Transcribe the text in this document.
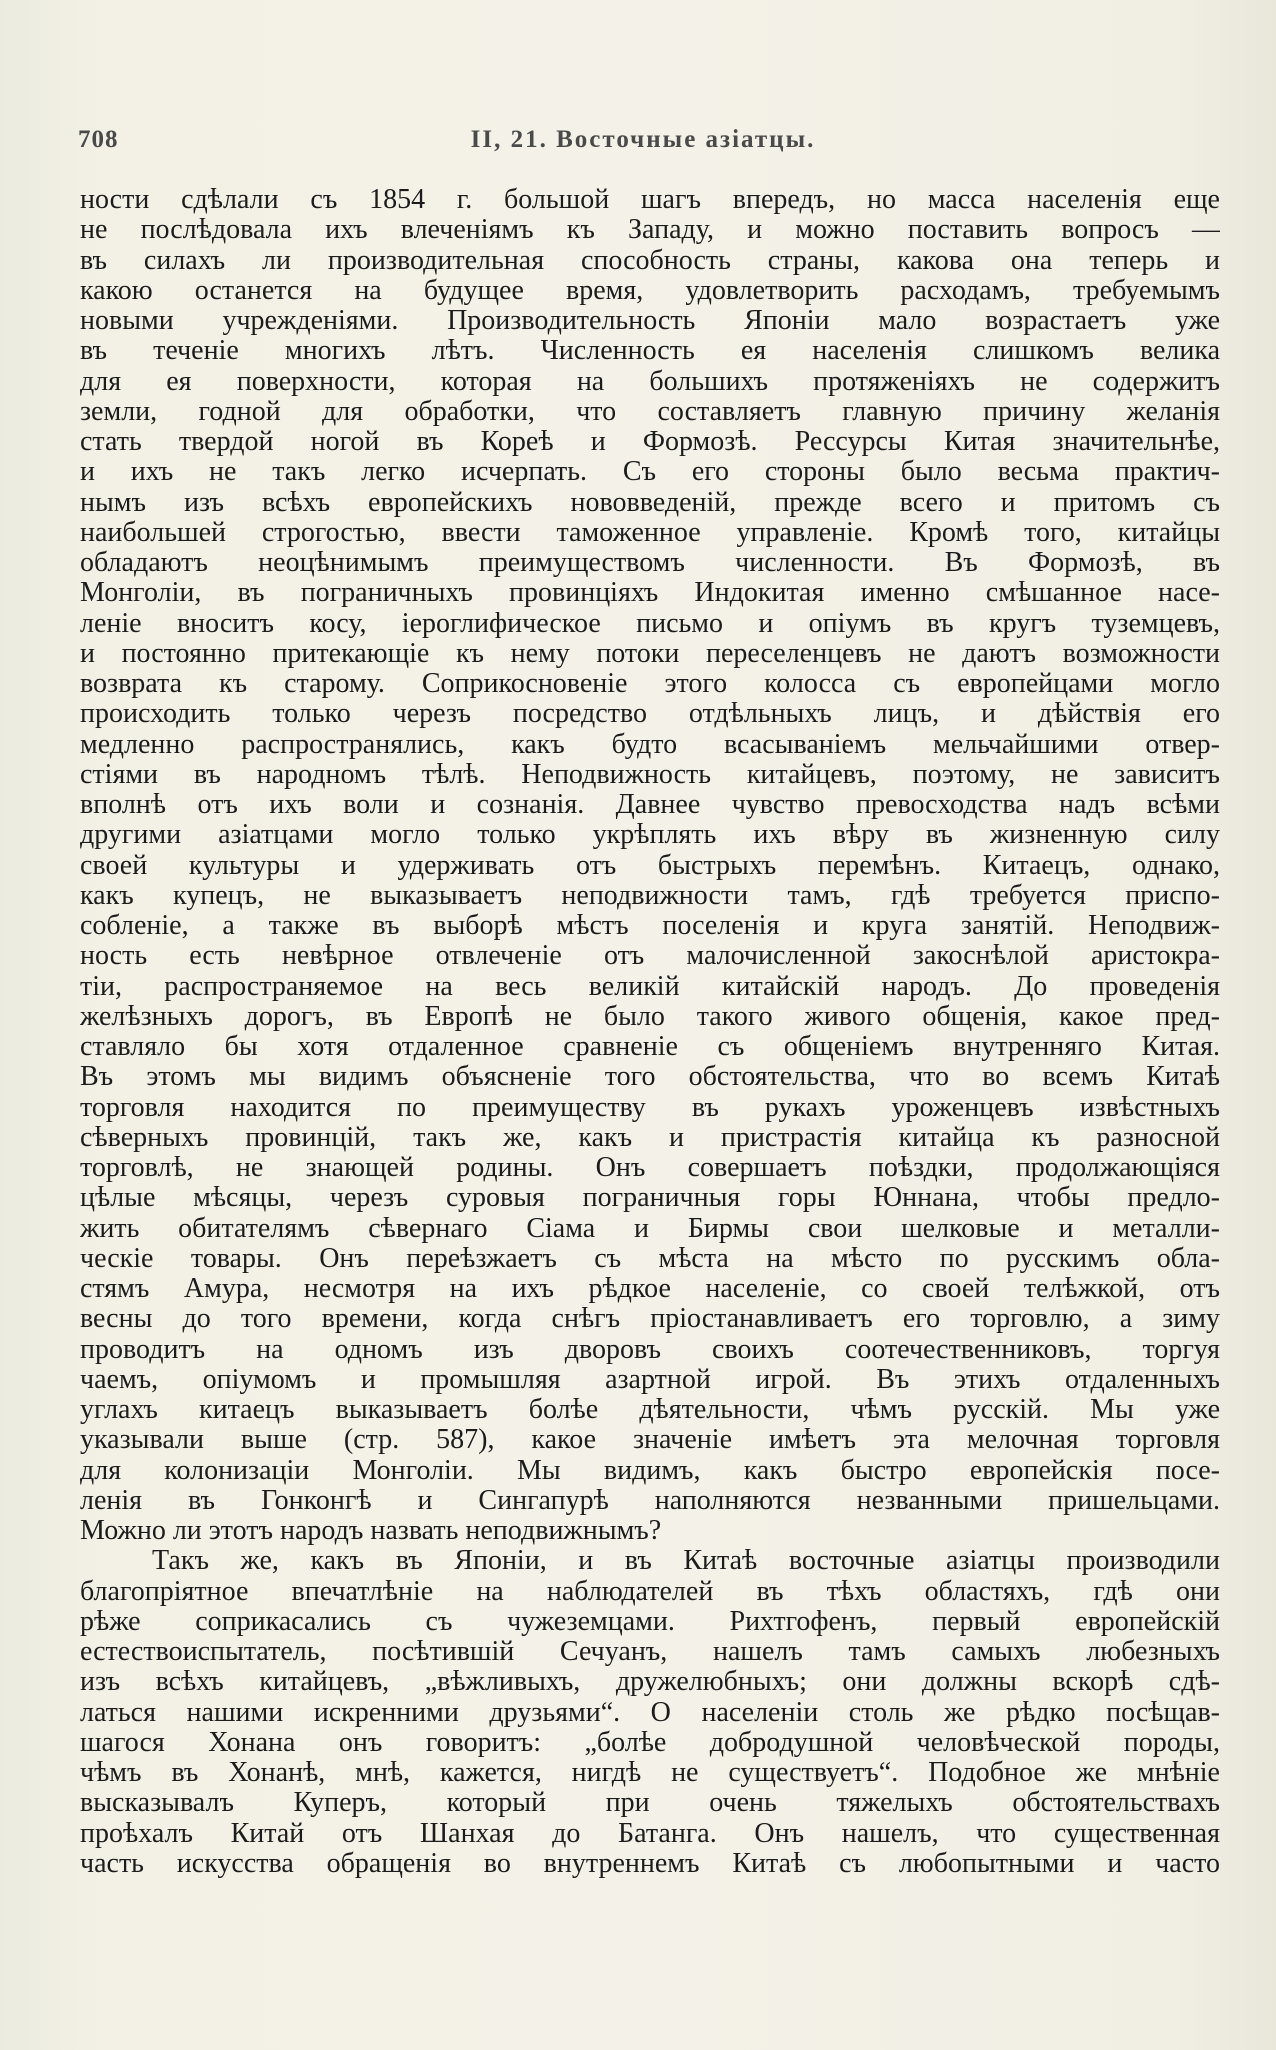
708	II, 21. Восточные азіатцы.
ности сдѣлали съ 1854 г. большой шагъ впередъ, но масса населенія еще
не послѣдовала ихъ влеченіямъ къ Западу, и можно поставить вопросъ —
въ силахъ ли производительная способность страны, какова она теперь и
какою останется на будущее время, удовлетворить расходамъ, требуемымъ
новыми учрежденіями. Производительность Японіи мало возрастаетъ уже
въ теченіе многихъ лѣтъ. Численность ея населенія слишкомъ велика
для ея поверхности, которая на большихъ протяженіяхъ не содержитъ
земли, годной для обработки, что составляетъ главную причину желанія
стать твердой ногой въ Кореѣ и Формозѣ. Рессурсы Китая значительнѣе,
и ихъ не такъ легко исчерпать. Съ его стороны было весьма практич-
нымъ изъ всѣхъ европейскихъ нововведеній, прежде всего и притомъ съ
наибольшей строгостью, ввести таможенное управленіе. Кромѣ того, китайцы
обладаютъ неоцѣнимымъ преимуществомъ численности. Въ Формозѣ, въ
Монголіи, въ пограничныхъ провинціяхъ Индокитая именно смѣшанное насе-
леніе вноситъ косу, іероглифическое письмо и опіумъ въ кругъ туземцевъ,
и постоянно притекающіе къ нему потоки переселенцевъ не даютъ возможности
возврата къ старому. Соприкосновеніе этого колосса съ европейцами могло
происходить только черезъ посредство отдѣльныхъ лицъ, и дѣйствія его
медленно распространялись, какъ будто всасываніемъ мельчайшими отвер-
стіями въ народномъ тѣлѣ. Неподвижность китайцевъ, поэтому, не зависитъ
вполнѣ отъ ихъ воли и сознанія. Давнее чувство превосходства надъ всѣми
другими азіатцами могло только укрѣплять ихъ вѣру въ жизненную силу
своей культуры и удерживать отъ быстрыхъ перемѣнъ. Китаецъ, однако,
какъ купецъ, не выказываетъ неподвижности тамъ, гдѣ требуется приспо-
собленіе, а также въ выборѣ мѣстъ поселенія и круга занятій. Неподвиж-
ность есть невѣрное отвлеченіе отъ малочисленной закоснѣлой аристокра-
тіи, распространяемое на весь великій китайскій народъ. До проведенія
желѣзныхъ дорогъ, въ Европѣ не было такого живого общенія, какое пред-
ставляло бы хотя отдаленное сравненіе съ общеніемъ внутренняго Китая.
Въ этомъ мы видимъ объясненіе того обстоятельства, что во всемъ Китаѣ
торговля находится по преимуществу въ рукахъ уроженцевъ извѣстныхъ
сѣверныхъ провинцій, такъ же, какъ и пристрастія китайца къ разносной
торговлѣ, не знающей родины. Онъ совершаетъ поѣздки, продолжающіяся
цѣлые мѣсяцы, черезъ суровыя пограничныя горы Юннана, чтобы предло-
жить обитателямъ сѣвернаго Сіама и Бирмы свои шелковые и металли-
ческіе товары. Онъ переѣзжаетъ съ мѣста на мѣсто по русскимъ обла-
стямъ Амура, несмотря на ихъ рѣдкое населеніе, со своей телѣжкой, отъ
весны до того времени, когда снѣгъ пріостанавливаетъ его торговлю, а зиму
проводитъ на одномъ изъ дворовъ своихъ соотечественниковъ, торгуя
чаемъ, опіумомъ и промышляя азартной игрой. Въ этихъ отдаленныхъ
углахъ китаецъ выказываетъ болѣе дѣятельности, чѣмъ русскій. Мы уже
указывали выше (стр. 587), какое значеніе имѣетъ эта мелочная торговля
для колонизаціи Монголіи. Мы видимъ, какъ быстро европейскія посе-
ленія въ Гонконгѣ и Сингапурѣ наполняются незванными пришельцами.
Можно ли этотъ народъ назвать неподвижнымъ?
Такъ же, какъ въ Японіи, и въ Китаѣ восточные азіатцы производили
благопріятное впечатлѣніе на наблюдателей въ тѣхъ областяхъ, гдѣ они
рѣже соприкасались съ чужеземцами. Рихтгофенъ, первый европейскій
естествоиспытатель, посѣтившій Сечуанъ, нашелъ тамъ самыхъ любезныхъ
изъ всѣхъ китайцевъ, „вѣжливыхъ, дружелюбныхъ; они должны вскорѣ сдѣ-
латься нашими искренними друзьями“. О населеніи столь же рѣдко посѣщав-
шагося Хонана онъ говоритъ: „болѣе добродушной человѣческой породы,
чѣмъ въ Хонанѣ, мнѣ, кажется, нигдѣ не существуетъ“. Подобное же мнѣніе
высказывалъ Куперъ, который при очень тяжелыхъ обстоятельствахъ
проѣхалъ Китай отъ Шанхая до Батанга. Онъ нашелъ, что существенная
часть искусства обращенія во внутреннемъ Китаѣ съ любопытными и часто
